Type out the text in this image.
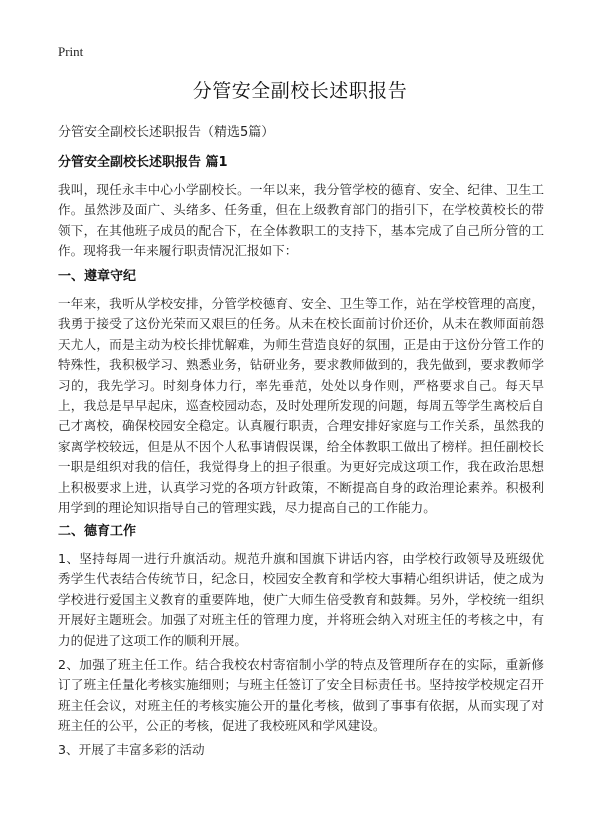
Print
分管安全副校长述职报告
分管安全副校长述职报告（精选5篇）
分管安全副校长述职报告 篇1

我叫，现任永丰中心小学副校长。一年以来，我分管学校的德育、安全、纪律、卫生工作。虽然涉及面广、头绪多、任务重，但在上级教育部门的指引下，在学校黄校长的带领下，在其他班子成员的配合下，在全体教职工的支持下，基本完成了自己所分管的工作。现将我一年来履行职责情况汇报如下：

一、遵章守纪

一年来，我听从学校安排，分管学校德育、安全、卫生等工作，站在学校管理的高度，我勇于接受了这份光荣而又艰巨的任务。从未在校长面前讨价还价，从未在教师面前怨天尤人，而是主动为校长排忧解难，为师生营造良好的氛围，正是由于这份分管工作的特殊性，我积极学习、熟悉业务，钻研业务，要求教师做到的，我先做到，要求教师学习的，我先学习。时刻身体力行，率先垂范，处处以身作则，严格要求自己。每天早上，我总是早早起床，巡查校园动态，及时处理所发现的问题，每周五等学生离校后自己才离校，确保校园安全稳定。认真履行职责，合理安排好家庭与工作关系，虽然我的家离学校较远，但是从不因个人私事请假误课，给全体教职工做出了榜样。担任副校长一职是组织对我的信任，我觉得身上的担子很重。为更好完成这项工作，我在政治思想上积极要求上进，认真学习党的各项方针政策，不断提高自身的政治理论素养。积极利用学到的理论知识指导自己的管理实践，尽力提高自己的工作能力。

二、德育工作

1、坚持每周一进行升旗活动。规范升旗和国旗下讲话内容，由学校行政领导及班级优秀学生代表结合传统节日，纪念日，校园安全教育和学校大事精心组织讲话，使之成为学校进行爱国主义教育的重要阵地，使广大师生倍受教育和鼓舞。另外，学校统一组织开展好主题班会。加强了对班主任的管理力度，并将班会纳入对班主任的考核之中，有力的促进了这项工作的顺利开展。

2、加强了班主任工作。结合我校农村寄宿制小学的特点及管理所存在的实际，重新修订了班主任量化考核实施细则；与班主任签订了安全目标责任书。坚持按学校规定召开班主任会议，对班主任的考核实施公开的量化考核，做到了事事有依据，从而实现了对班主任的公平，公正的考核，促进了我校班风和学风建设。

3、开展了丰富多彩的活动
